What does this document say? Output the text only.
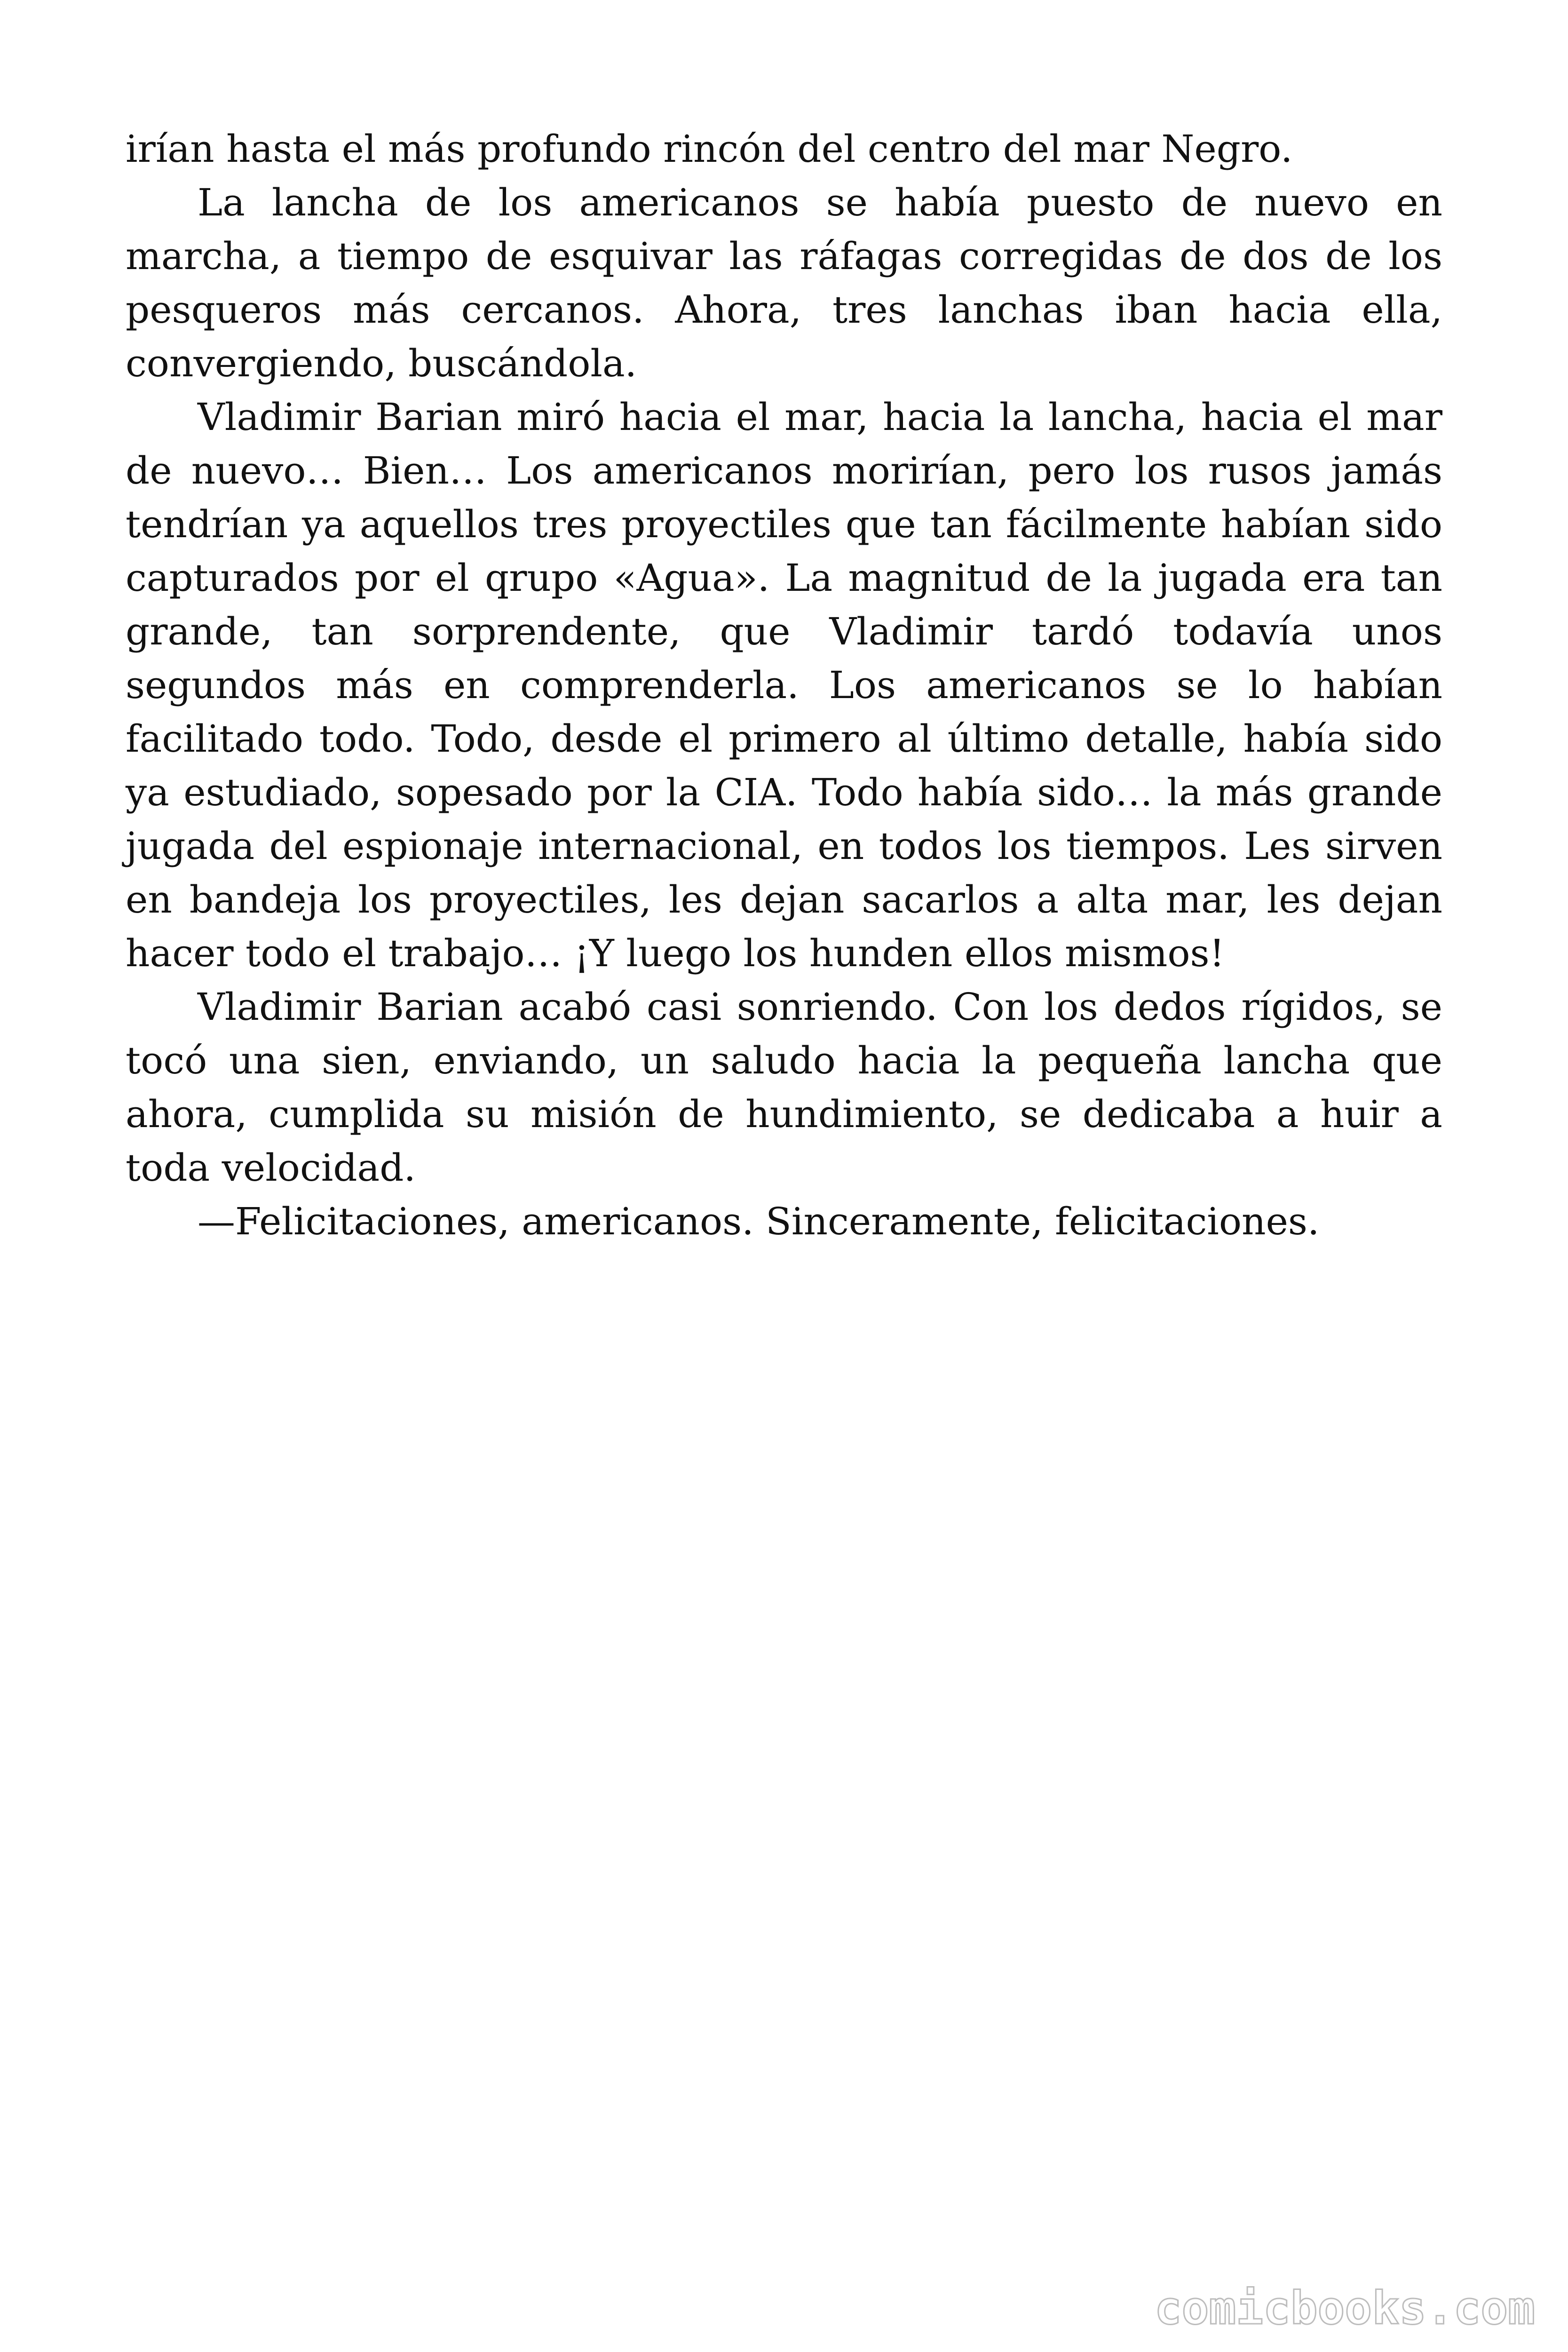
irían hasta el más profundo rincón del centro del mar Negro.

La lancha de los americanos se había puesto de nuevo en marcha, a tiempo de esquivar las ráfagas corregidas de dos de los pesqueros más cercanos. Ahora, tres lanchas iban hacia ella, convergiendo, buscándola.

Vladimir Barian miró hacia el mar, hacia la lancha, hacia el mar de nuevo… Bien… Los americanos morirían, pero los rusos jamás tendrían ya aquellos tres proyectiles que tan fácilmente habían sido capturados por el qrupo «Agua». La magnitud de la jugada era tan grande, tan sorprendente, que Vladimir tardó todavía unos segundos más en comprenderla. Los americanos se lo habían facilitado todo. Todo, desde el primero al último detalle, había sido ya estudiado, sopesado por la CIA. Todo había sido… la más grande jugada del espionaje internacional, en todos los tiempos. Les sirven en bandeja los proyectiles, les dejan sacarlos a alta mar, les dejan hacer todo el trabajo… ¡Y luego los hunden ellos mismos!

Vladimir Barian acabó casi sonriendo. Con los dedos rígidos, se tocó una sien, enviando, un saludo hacia la pequeña lancha que ahora, cumplida su misión de hundimiento, se dedicaba a huir a toda velocidad.

—Felicitaciones, americanos. Sinceramente, felicitaciones.

comicbooks.com
